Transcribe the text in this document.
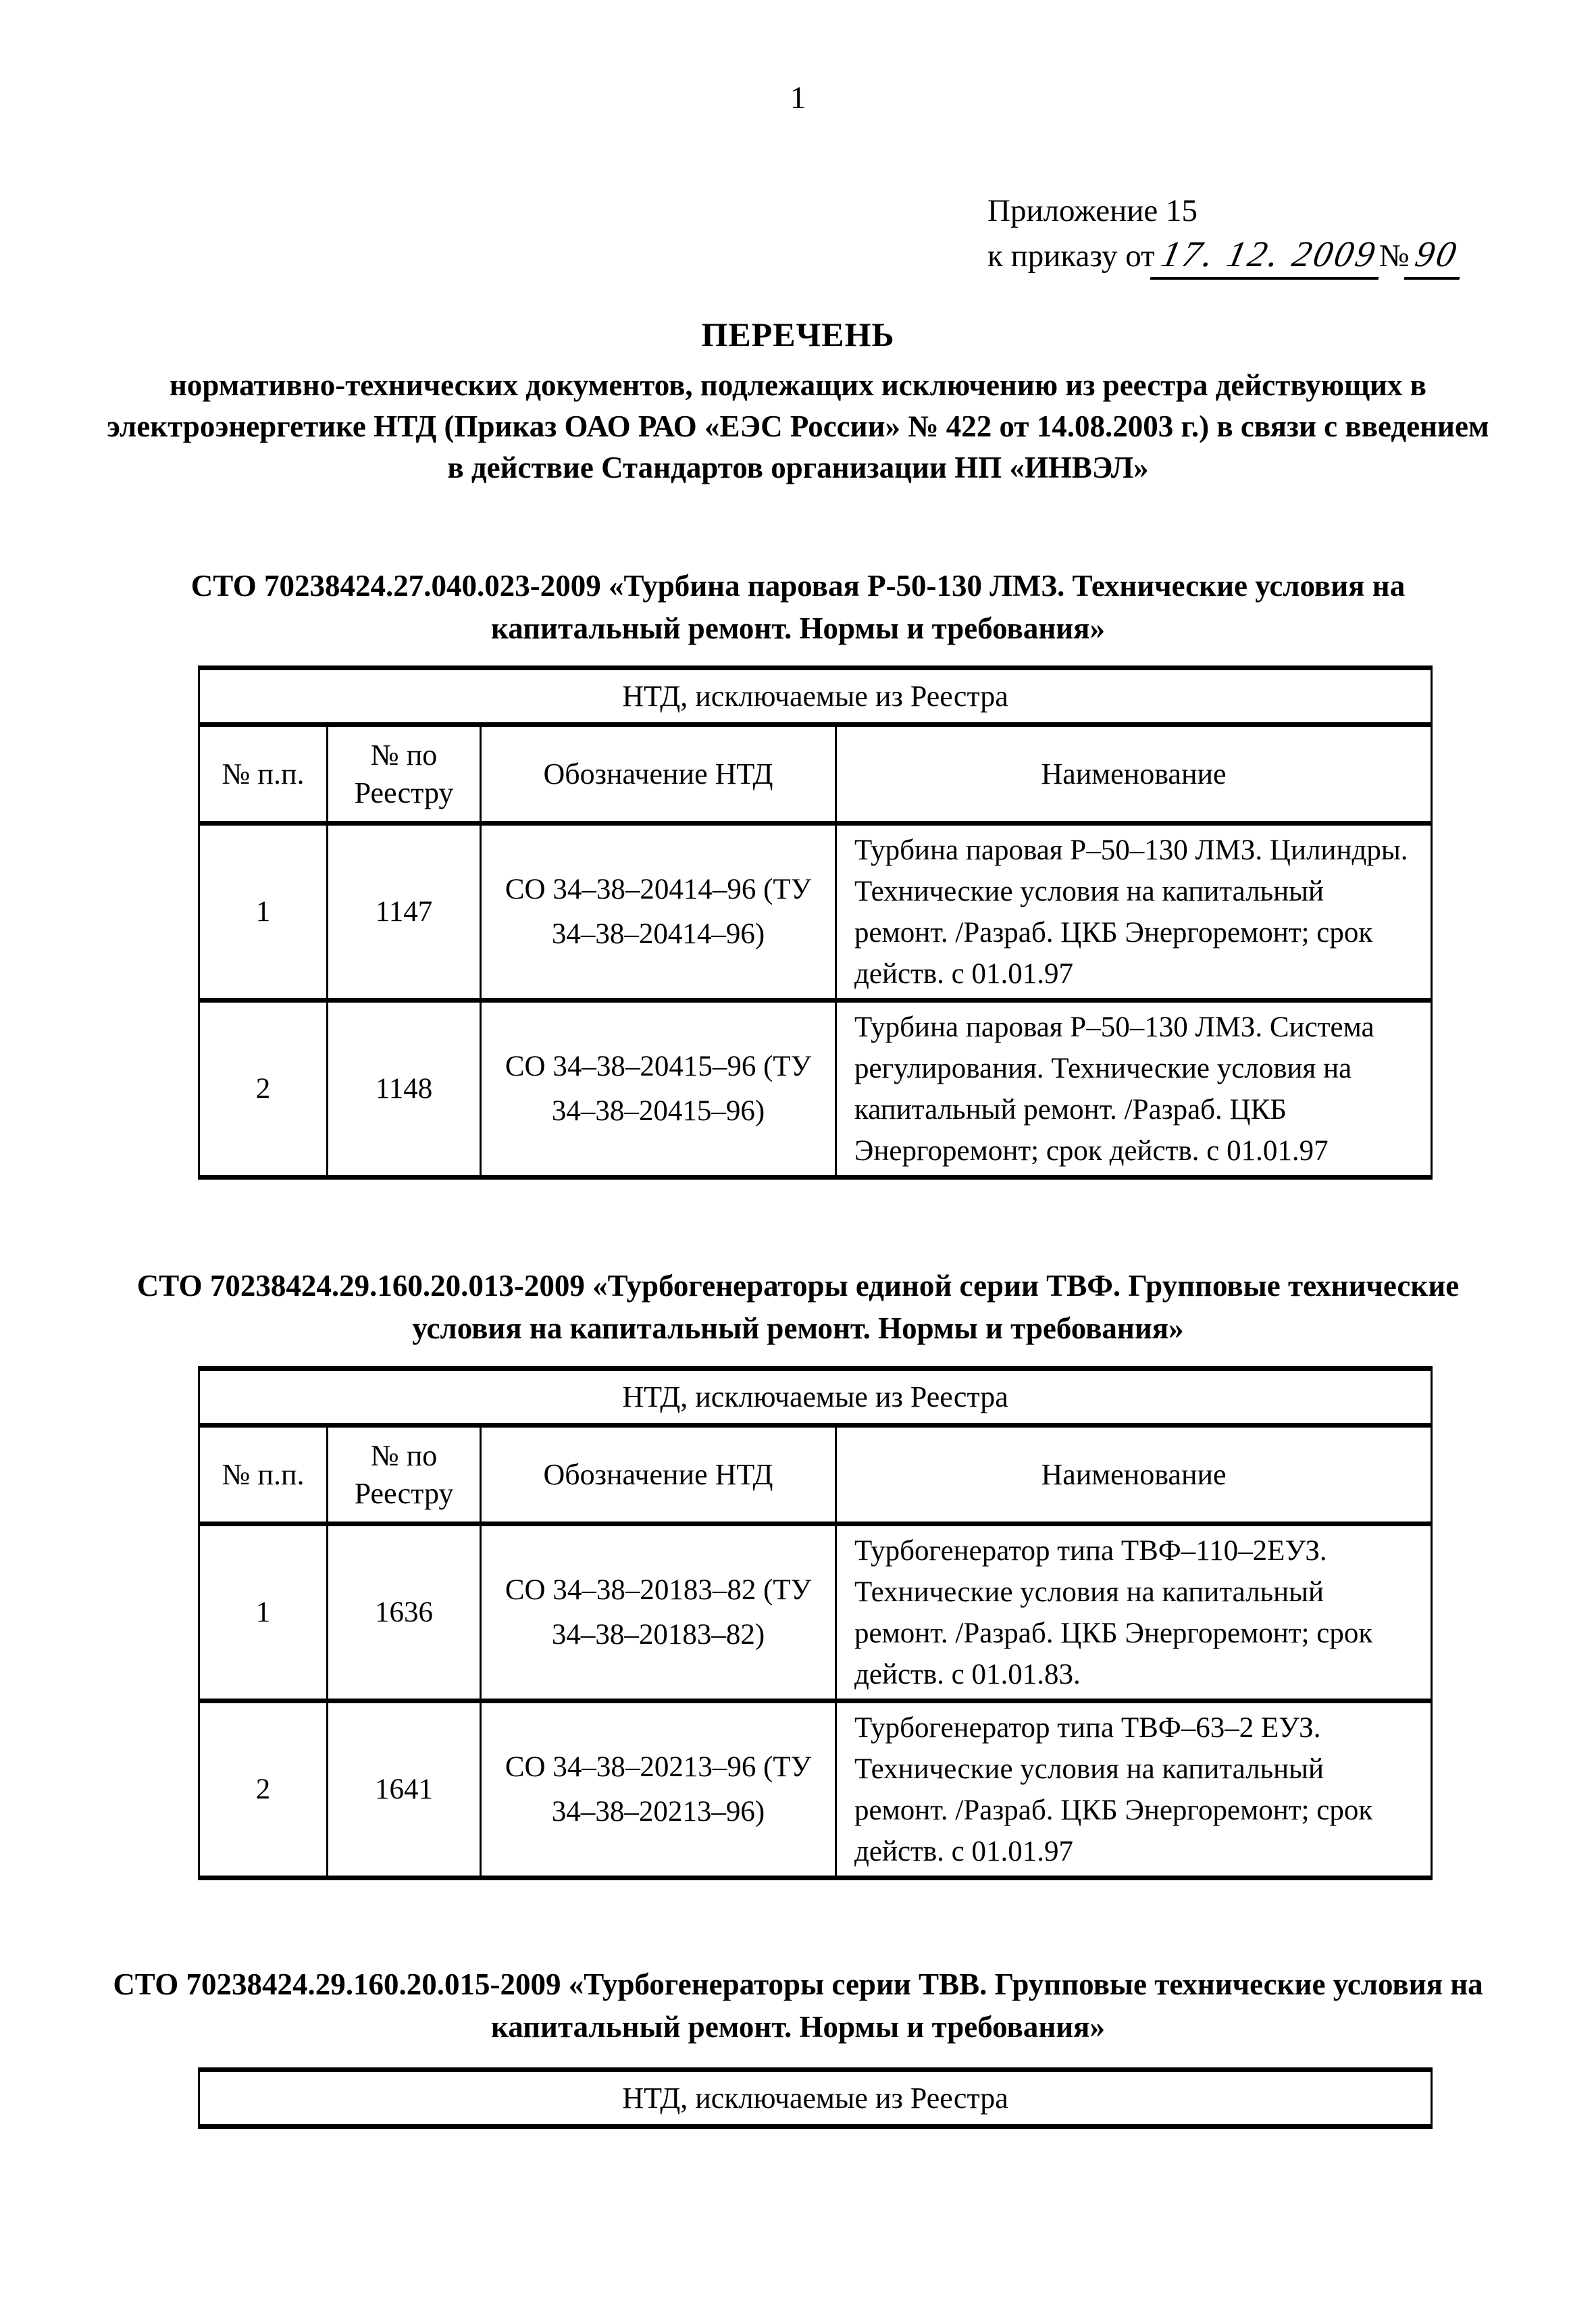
1
Приложение 15
к приказу от 17. 12. 2009
№ 90
ПЕРЕЧЕНЬ
нормативно-технических документов, подлежащих исключению из реестра действующих в электроэнергетике НТД (Приказ ОАО РАО «ЕЭС России» № 422 от 14.08.2003 г.) в связи с введением в действие Стандартов организации НП «ИНВЭЛ»
СТО 70238424.27.040.023-2009 «Турбина паровая Р-50-130 ЛМЗ. Технические условия на капитальный ремонт. Нормы и требования»
НТД, исключаемые из Реестра			
№ п.п.	№ по Реестру	Обозначение НТД	Наименование
1	1147	СО 34–38–20414–96 (ТУ 34–38–20414–96)	Турбина паровая Р–50–130 ЛМЗ. Цилиндры. Технические условия на капитальный ремонт. /Разраб. ЦКБ Энергоремонт; срок действ. с 01.01.97
2	1148	СО 34–38–20415–96 (ТУ 34–38–20415–96)	Турбина паровая Р–50–130 ЛМЗ. Система регулирования. Технические условия на капитальный ремонт. /Разраб. ЦКБ Энергоремонт; срок действ. с 01.01.97
СТО 70238424.29.160.20.013-2009 «Турбогенераторы единой серии ТВФ. Групповые технические условия на капитальный ремонт. Нормы и требования»
НТД, исключаемые из Реестра			
№ п.п.	№ по Реестру	Обозначение НТД	Наименование
1	1636	СО 34–38–20183–82 (ТУ 34–38–20183–82)	Турбогенератор типа ТВФ–110–2ЕУЗ. Технические условия на капитальный ремонт. /Разраб. ЦКБ Энергоремонт; срок действ. с 01.01.83.
2	1641	СО 34–38–20213–96 (ТУ 34–38–20213–96)	Турбогенератор типа ТВФ–63–2 ЕУЗ. Технические условия на капитальный ремонт. /Разраб. ЦКБ Энергоремонт; срок действ. с 01.01.97
СТО 70238424.29.160.20.015-2009 «Турбогенераторы серии ТВВ. Групповые технические условия на капитальный ремонт. Нормы и требования»
НТД, исключаемые из Реестра
